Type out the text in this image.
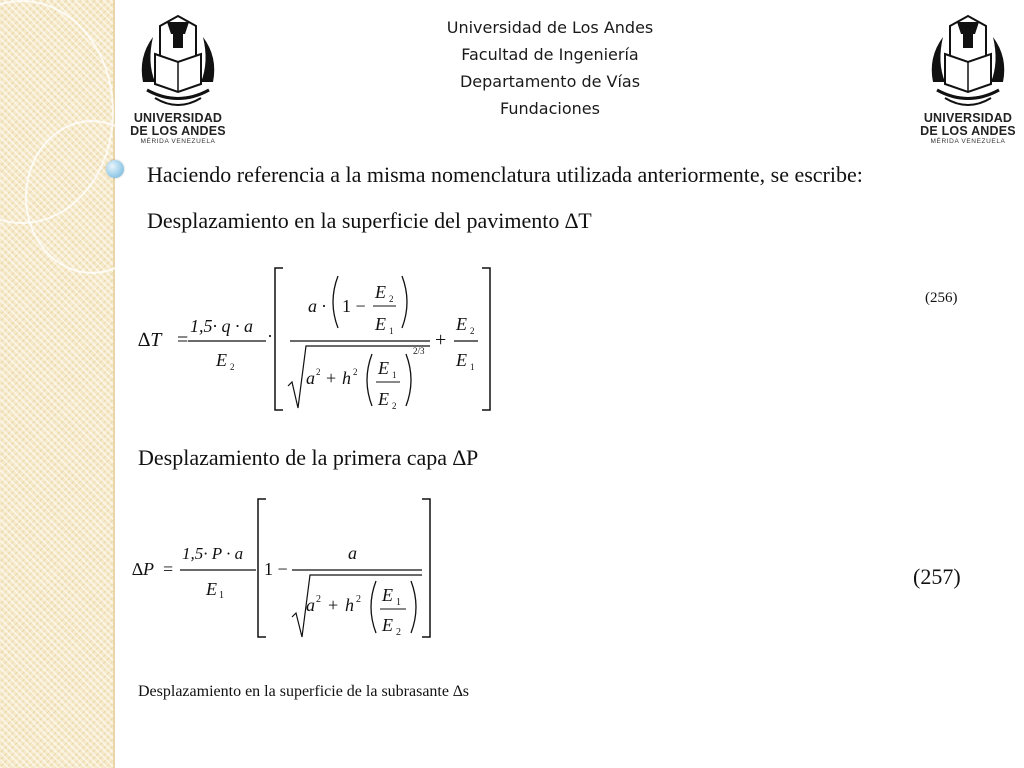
UNIVERSIDAD
DE LOS ANDES
MÉRIDA VENEZUELA
UNIVERSIDAD
DE LOS ANDES
MÉRIDA VENEZUELA
Universidad de Los Andes
Facultad de Ingeniería
Departamento de Vías
Fundaciones
Haciendo referencia a la misma nomenclatura utilizada anteriormente, se escribe:
Desplazamiento en la superficie del pavimento ∆T
∆T =
1,5· q · a
E 2
·
a · 1 −
E 2
E 1
a 2 + h 2 E 1
E 2
2/3 +
E 2
E 1
(256)
Desplazamiento de la primera capa ∆P
∆P =
1,5· P · a
E 1
1 −
a
a 2 + h 2 E 1
E 2
(257)
Desplazamiento en la superficie de la subrasante ∆s
